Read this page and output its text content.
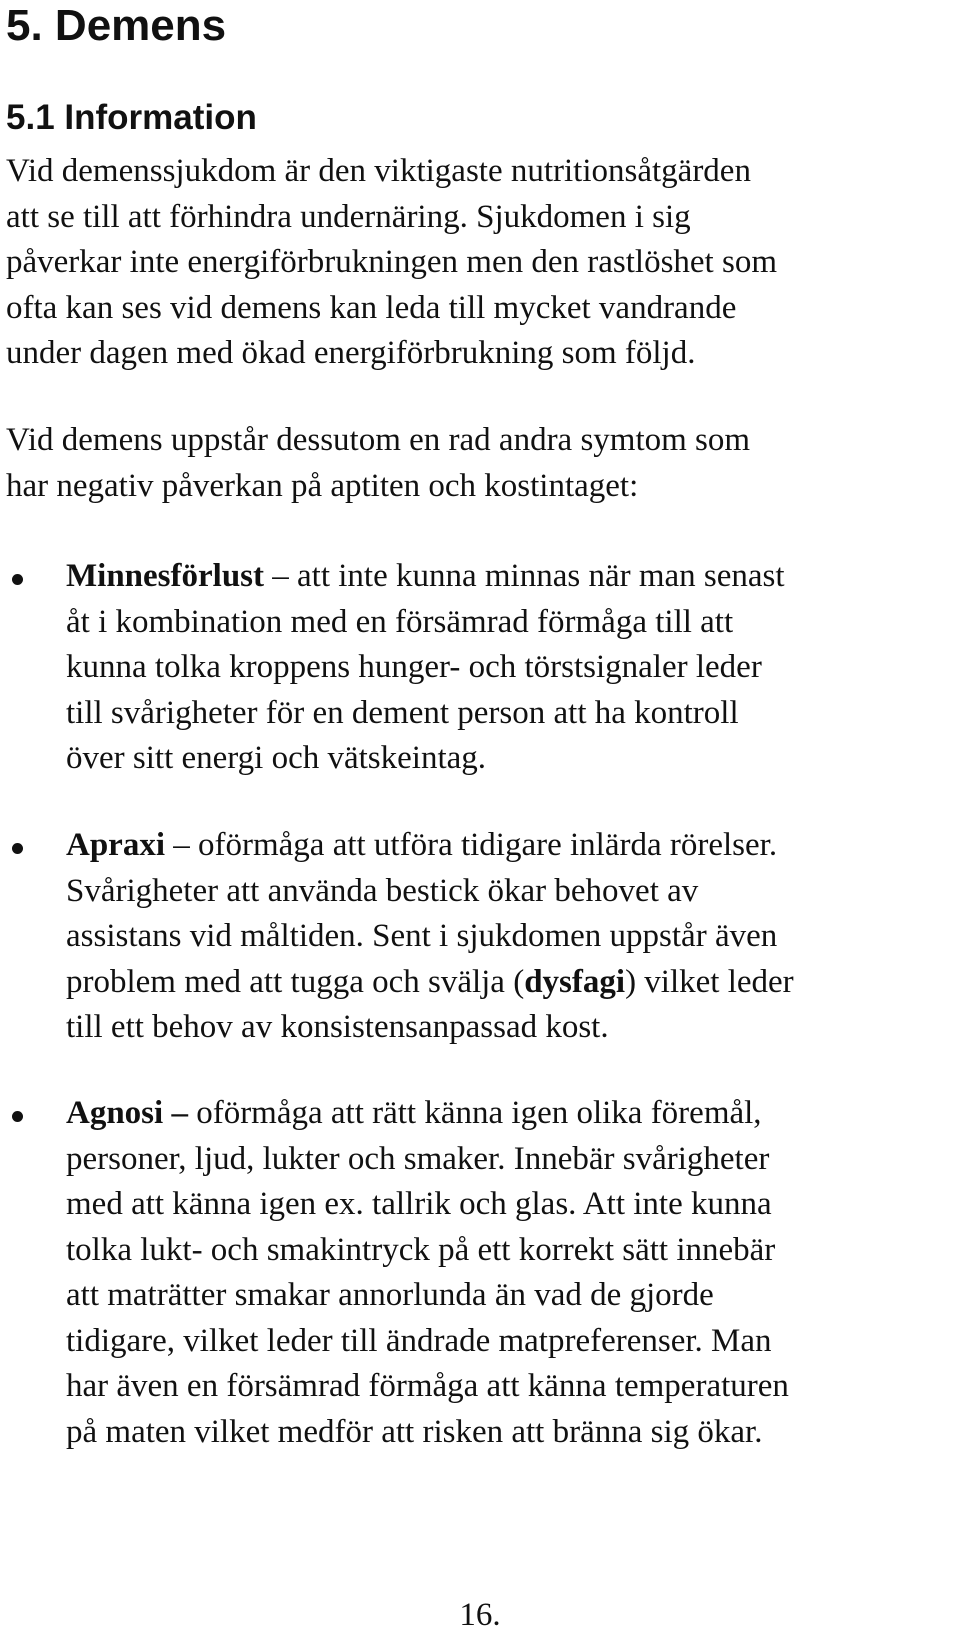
5. Demens
5.1 Information
Vid demenssjukdom är den viktigaste nutritionsåtgärden
att se till att förhindra undernäring. Sjukdomen i sig
påverkar inte energiförbrukningen men den rastlöshet som
ofta kan ses vid demens kan leda till mycket vandrande
under dagen med ökad energiförbrukning som följd.
Vid demens uppstår dessutom en rad andra symtom som
har negativ påverkan på aptiten och kostintaget:
Minnesförlust – att inte kunna minnas när man senast
åt i kombination med en försämrad förmåga till att
kunna tolka kroppens hunger- och törstsignaler leder
till svårigheter för en dement person att ha kontroll
över sitt energi och vätskeintag.
Apraxi – oförmåga att utföra tidigare inlärda rörelser.
Svårigheter att använda bestick ökar behovet av
assistans vid måltiden. Sent i sjukdomen uppstår även
problem med att tugga och svälja (dysfagi) vilket leder
till ett behov av konsistensanpassad kost.
Agnosi – oförmåga att rätt känna igen olika föremål,
personer, ljud, lukter och smaker. Innebär svårigheter
med att känna igen ex. tallrik och glas. Att inte kunna
tolka lukt- och smakintryck på ett korrekt sätt innebär
att maträtter smakar annorlunda än vad de gjorde
tidigare, vilket leder till ändrade matpreferenser. Man
har även en försämrad förmåga att känna temperaturen
på maten vilket medför att risken att bränna sig ökar.
16.
